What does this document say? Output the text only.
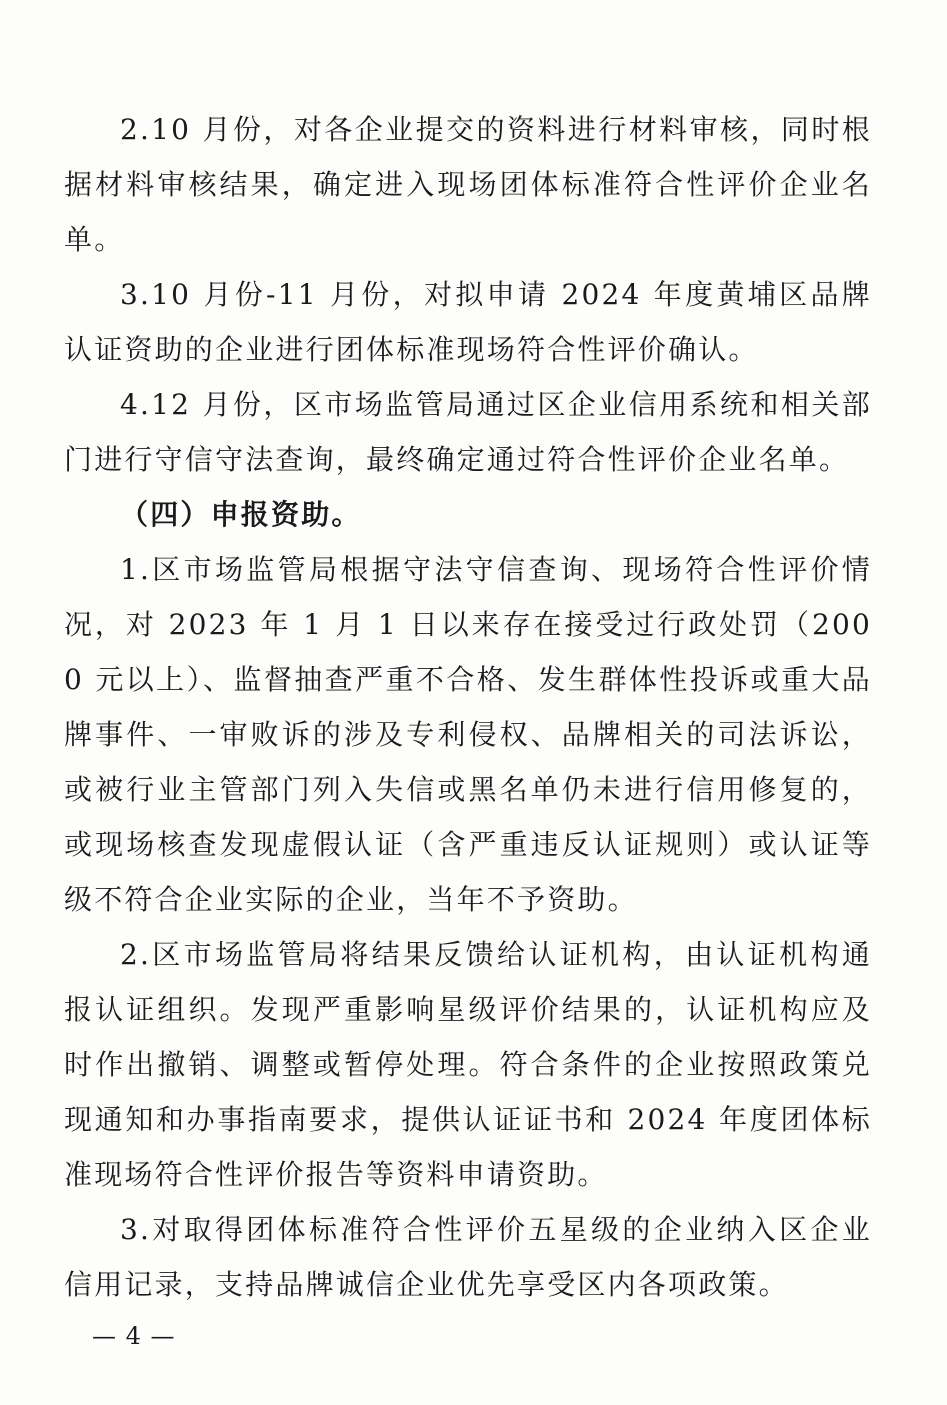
2.10 月份，对各企业提交的资料进行材料审核，同时根据材料审核结果，确定进入现场团体标准符合性评价企业名单。

3.10 月份-11 月份，对拟申请 2024 年度黄埔区品牌认证资助的企业进行团体标准现场符合性评价确认。

4.12 月份，区市场监管局通过区企业信用系统和相关部门进行守信守法查询，最终确定通过符合性评价企业名单。

（四）申报资助。

1.区市场监管局根据守法守信查询、现场符合性评价情况，对 2023 年 1 月 1 日以来存在接受过行政处罚（2000 元以上）、监督抽查严重不合格、发生群体性投诉或重大品牌事件、一审败诉的涉及专利侵权、品牌相关的司法诉讼，或被行业主管部门列入失信或黑名单仍未进行信用修复的，或现场核查发现虚假认证（含严重违反认证规则）或认证等级不符合企业实际的企业，当年不予资助。

2.区市场监管局将结果反馈给认证机构，由认证机构通报认证组织。发现严重影响星级评价结果的，认证机构应及时作出撤销、调整或暂停处理。符合条件的企业按照政策兑现通知和办事指南要求，提供认证证书和 2024 年度团体标准现场符合性评价报告等资料申请资助。

3.对取得团体标准符合性评价五星级的企业纳入区企业信用记录，支持品牌诚信企业优先享受区内各项政策。

— 4 —
